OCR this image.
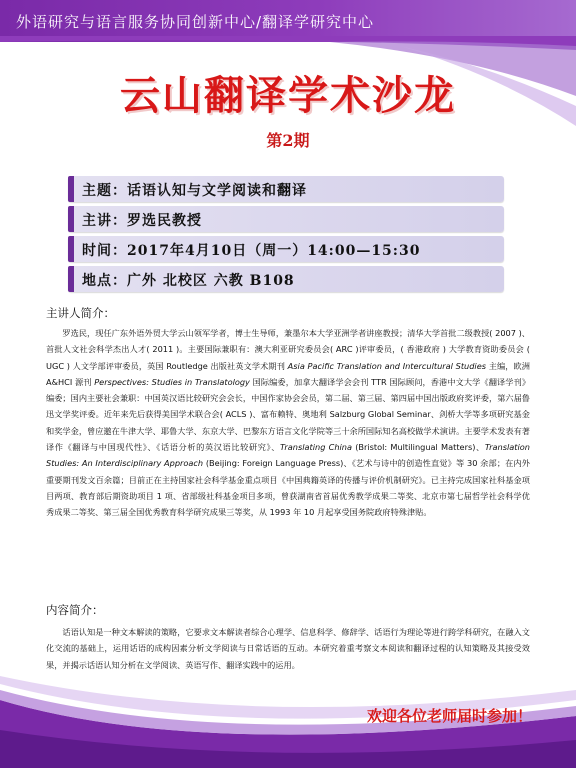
外语研究与语言服务协同创新中心/翻译学研究中心
云山翻译学术沙龙
第2期
主题：话语认知与文学阅读和翻译
主讲：罗选民教授
时间：2017年4月10日（周一）14:00—15:30
地点：广外 北校区 六教 B108
主讲人简介：

罗选民，现任广东外语外贸大学云山领军学者，博士生导师，兼墨尔本大学亚洲学者讲座教授；清华大学首批二级教授( 2007 )、首批人文社会科学杰出人才( 2011 )。主要国际兼职有：澳大利亚研究委员会( ARC )评审委员，( 香港政府 ) 大学教育资助委员会 ( UGC ) 人文学部评审委员，英国 Routledge 出版社英文学术期刊 Asia Pacific Translation and Intercultural Studies 主编，欧洲 A&HCI 源刊 Perspectives: Studies in Translatology 国际编委，加拿大翻译学会会刊 TTR 国际顾问，香港中文大学《翻译学刊》编委；国内主要社会兼职：中国英汉语比较研究会会长，中国作家协会会员，第二届、第三届、第四届中国出版政府奖评委，第六届鲁迅文学奖评委。近年来先后获得美国学术联合会( ACLS )、富布赖特、奥地利 Salzburg Global Seminar、剑桥大学等多项研究基金和奖学金，曾应邀在牛津大学、耶鲁大学、东京大学、巴黎东方语言文化学院等三十余所国际知名高校做学术演讲。主要学术发表有著译作《翻译与中国现代性》、《话语分析的英汉语比较研究》、Translating China (Bristol: Multilingual Matters)、Translation Studies: An Interdisciplinary Approach (Beijing: Foreign Language Press)、《艺术与诗中的创造性直觉》等 30 余部；在内外重要期刊发文百余篇；目前正在主持国家社会科学基金重点项目《中国典籍英译的传播与评价机制研究》。已主持完成国家社科基金项目两项、教育部后期资助项目 1 项、省部级社科基金项目多项，曾获湖南省首届优秀教学成果二等奖、北京市第七届哲学社会科学优秀成果二等奖、第三届全国优秀教育科学研究成果三等奖，从 1993 年 10 月起享受国务院政府特殊津贴。

内容简介：

话语认知是一种文本解读的策略，它要求文本解读者综合心理学、信息科学、修辞学、话语行为理论等进行跨学科研究，在融入文化交流的基础上，运用话语的成构因素分析文学阅读与日常话语的互动。本研究着重考察文本阅读和翻译过程的认知策略及其接受效果，并揭示话语认知分析在文学阅读、英语写作、翻译实践中的运用。

欢迎各位老师届时参加！
